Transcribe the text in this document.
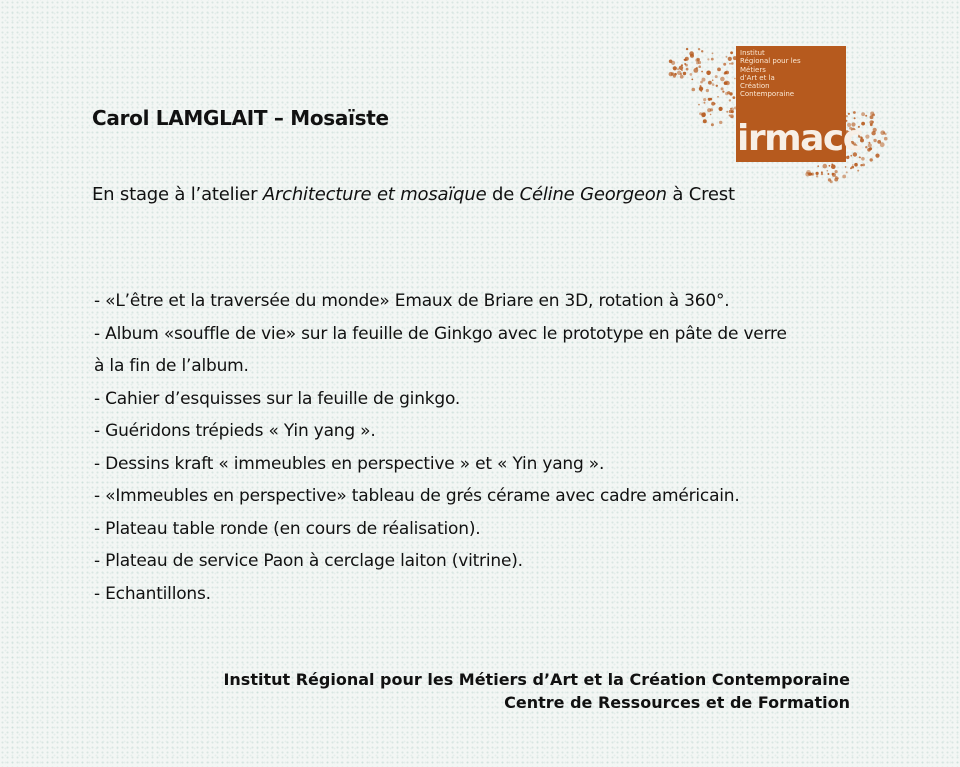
Institut
Régional pour les
Métiers
d’Art et la
Création
Contemporaine
irmacc
Carol LAMGLAIT – Mosaïste
En stage à l’atelier Architecture et mosaïque de Céline Georgeon à Crest
- «L’être et la traversée du monde» Emaux de Briare en 3D, rotation à 360°.
- Album «souffle de vie» sur la feuille de Ginkgo avec le prototype en pâte de verre
à la fin de l’album.
- Cahier d’esquisses sur la feuille de ginkgo.
- Guéridons trépieds « Yin yang ».
- Dessins kraft « immeubles en perspective » et « Yin yang ».
- «Immeubles en perspective» tableau de grés cérame avec cadre américain.
- Plateau table ronde (en cours de réalisation).
- Plateau de service Paon à cerclage laiton (vitrine).
- Echantillons.
Institut Régional pour les Métiers d’Art et la Création Contemporaine
Centre de Ressources et de Formation
